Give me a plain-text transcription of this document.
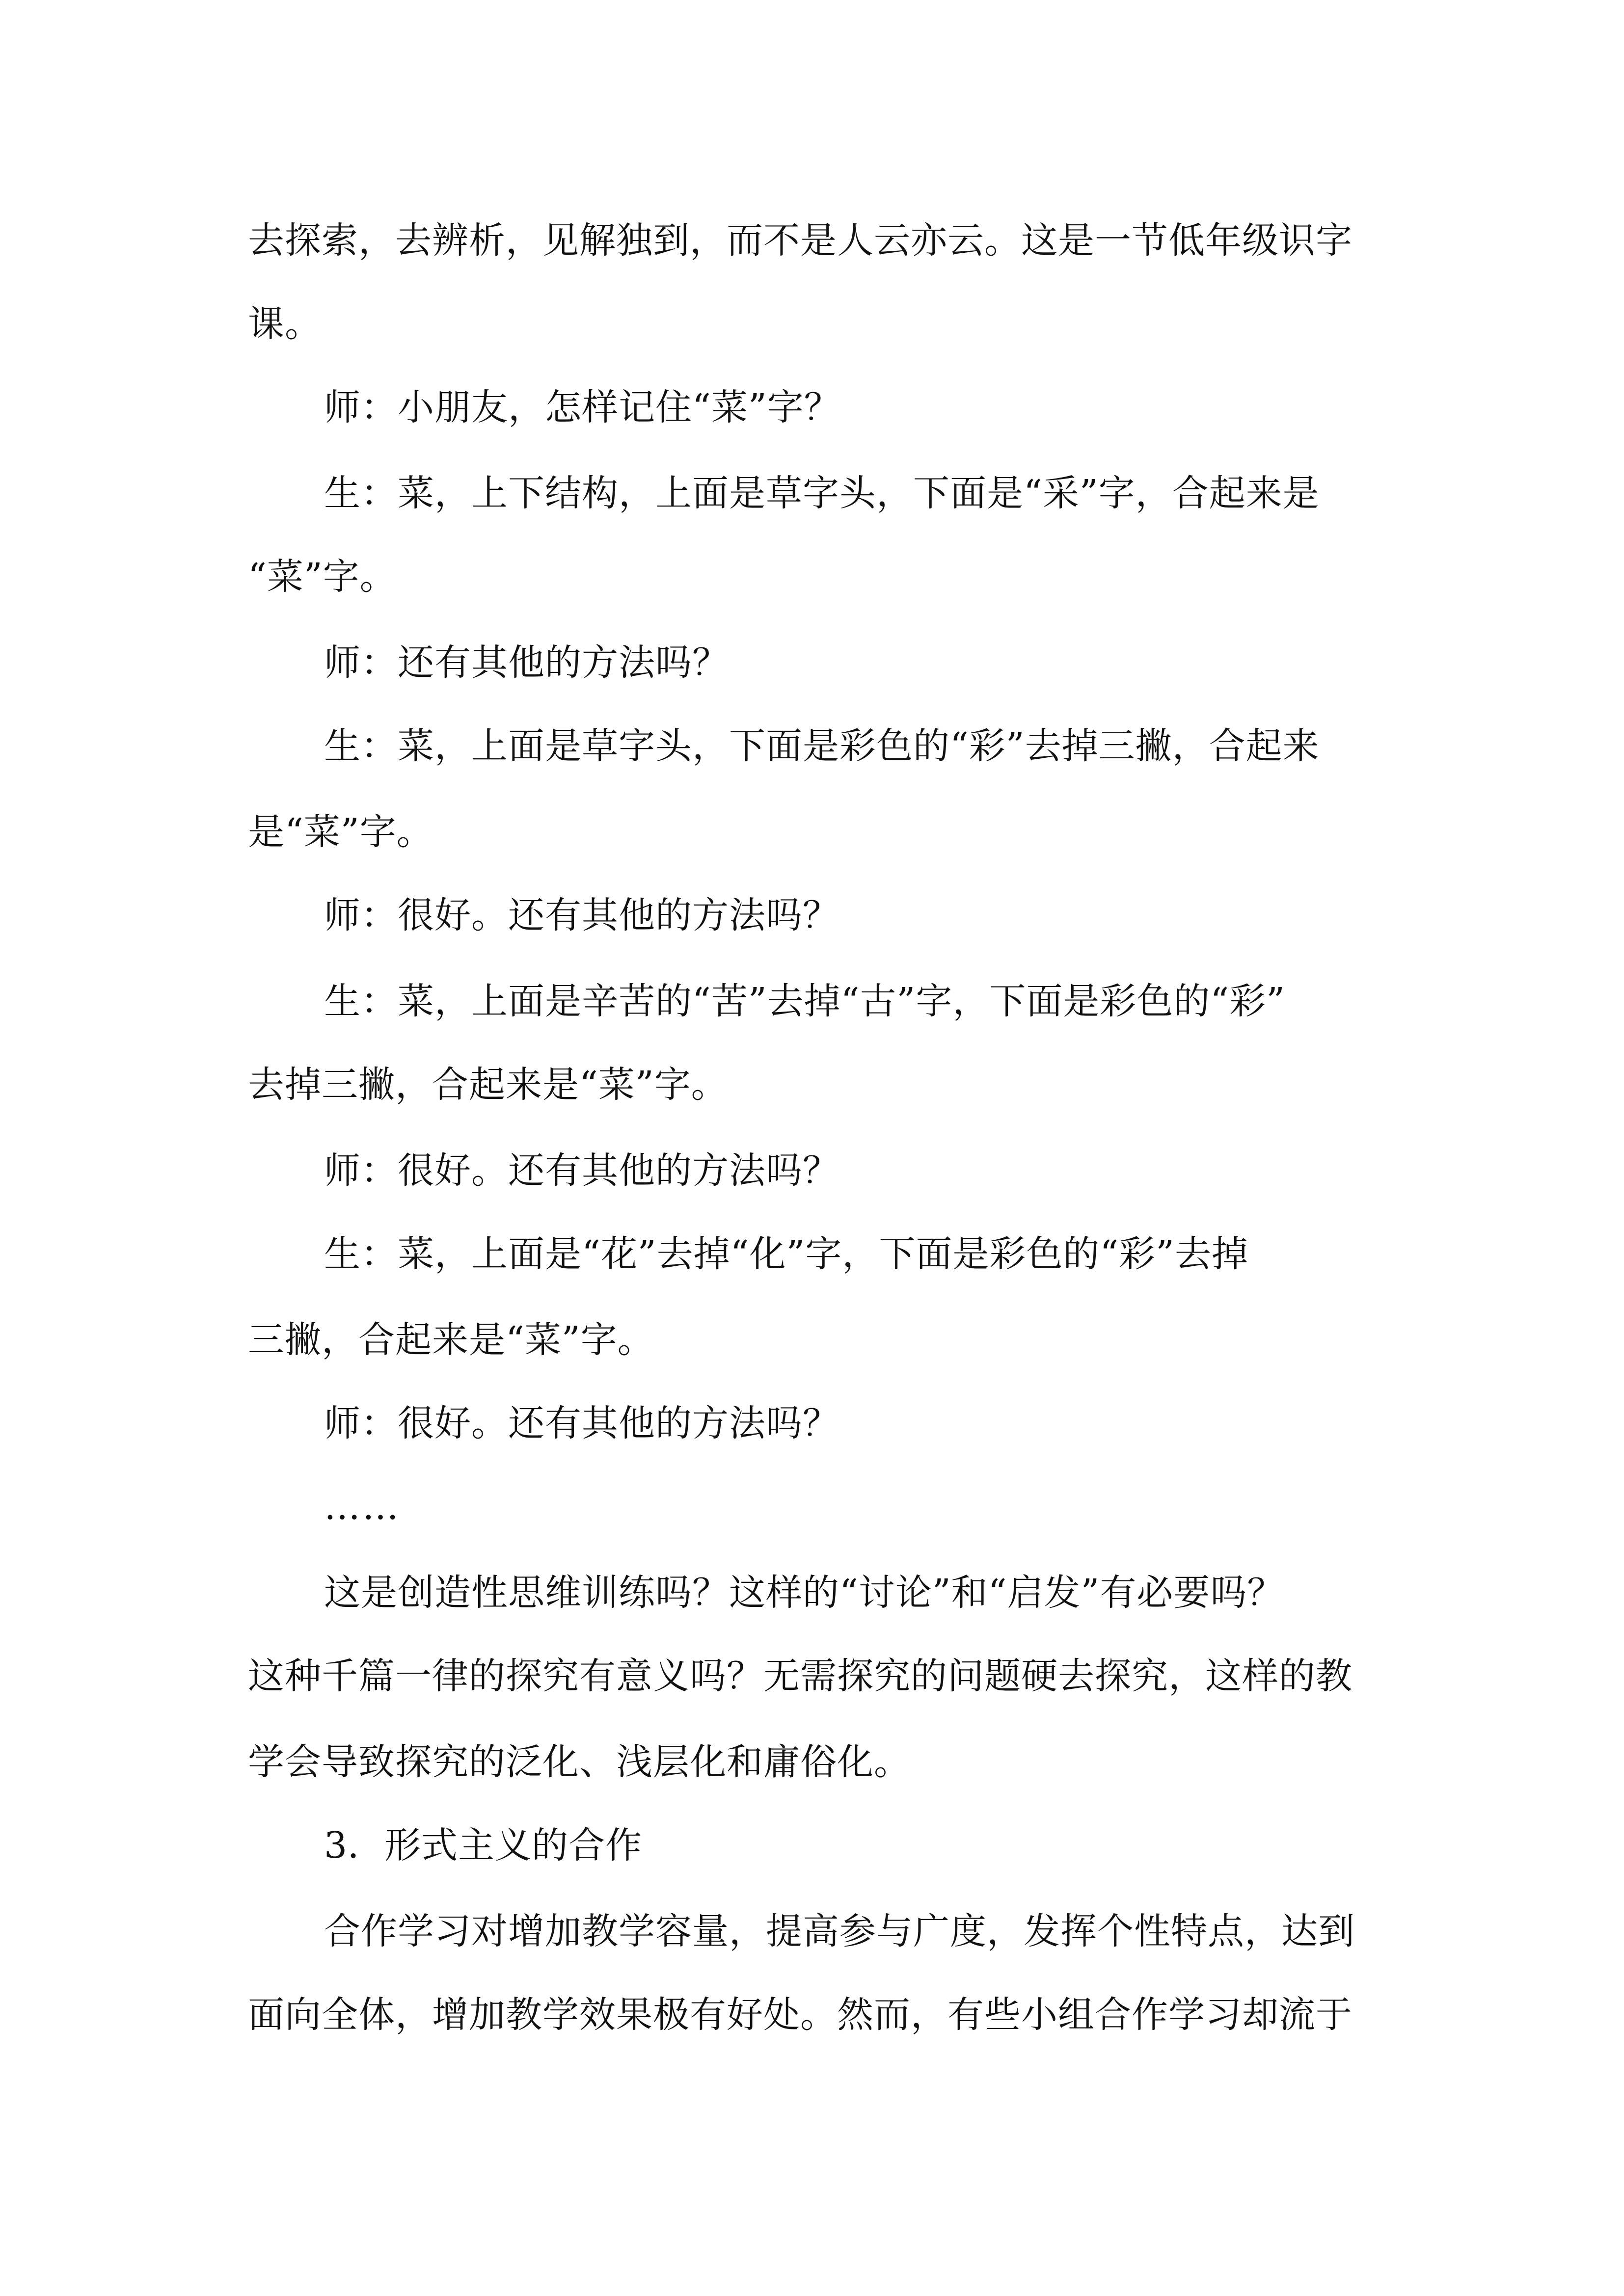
去探索，去辨析，见解独到，而不是人云亦云。这是一节低年级识字
课。
师：小朋友，怎样记住“菜”字？
生：菜，上下结构，上面是草字头，下面是“采”字，合起来是
“菜”字。
师：还有其他的方法吗？
生：菜，上面是草字头，下面是彩色的“彩”去掉三撇，合起来
是“菜”字。
师：很好。还有其他的方法吗？
生：菜，上面是辛苦的“苦”去掉“古”字，下面是彩色的“彩”
去掉三撇，合起来是“菜”字。
师：很好。还有其他的方法吗？
生：菜，上面是“花”去掉“化”字，下面是彩色的“彩”去掉
三撇，合起来是“菜”字。
师：很好。还有其他的方法吗？
……
这是创造性思维训练吗？这样的“讨论”和“启发”有必要吗？
这种千篇一律的探究有意义吗？无需探究的问题硬去探究，这样的教
学会导致探究的泛化、浅层化和庸俗化。
3．形式主义的合作
合作学习对增加教学容量，提高参与广度，发挥个性特点，达到
面向全体，增加教学效果极有好处。然而，有些小组合作学习却流于
